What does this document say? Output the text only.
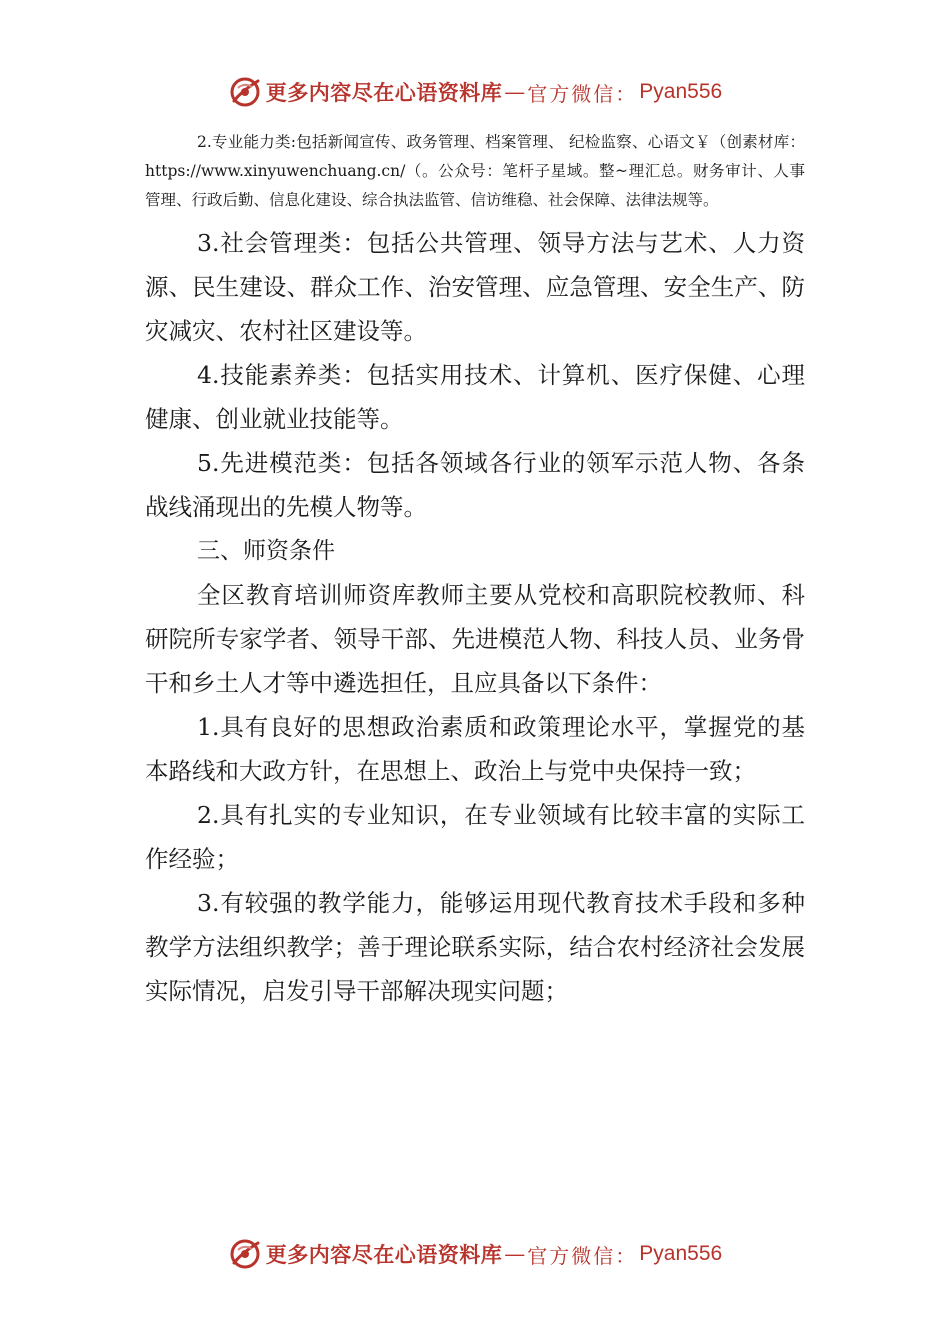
更多内容尽在心语资料库 — 官方微信： Pyan556

2.专业能力类:包括新闻宣传、政务管理、档案管理、 纪检监察、心语文￥（创素材库：https://www.xinyuwenchuang.cn/（。公众号：笔杆子星域。整~理汇总。财务审计、人事管理、行政后勤、信息化建设、综合执法监管、信访维稳、社会保障、法律法规等。

3.社会管理类：包括公共管理、领导方法与艺术、人力资源、民生建设、群众工作、治安管理、应急管理、安全生产、防灾减灾、农村社区建设等。

4.技能素养类：包括实用技术、计算机、医疗保健、心理健康、创业就业技能等。

5.先进模范类：包括各领域各行业的领军示范人物、各条战线涌现出的先模人物等。

三、师资条件

全区教育培训师资库教师主要从党校和高职院校教师、科研院所专家学者、领导干部、先进模范人物、科技人员、业务骨干和乡土人才等中遴选担任，且应具备以下条件：

1.具有良好的思想政治素质和政策理论水平，掌握党的基本路线和大政方针，在思想上、政治上与党中央保持一致；

2.具有扎实的专业知识，在专业领域有比较丰富的实际工作经验；

3.有较强的教学能力，能够运用现代教育技术手段和多种教学方法组织教学；善于理论联系实际，结合农村经济社会发展实际情况，启发引导干部解决现实问题；

更多内容尽在心语资料库 — 官方微信： Pyan556
